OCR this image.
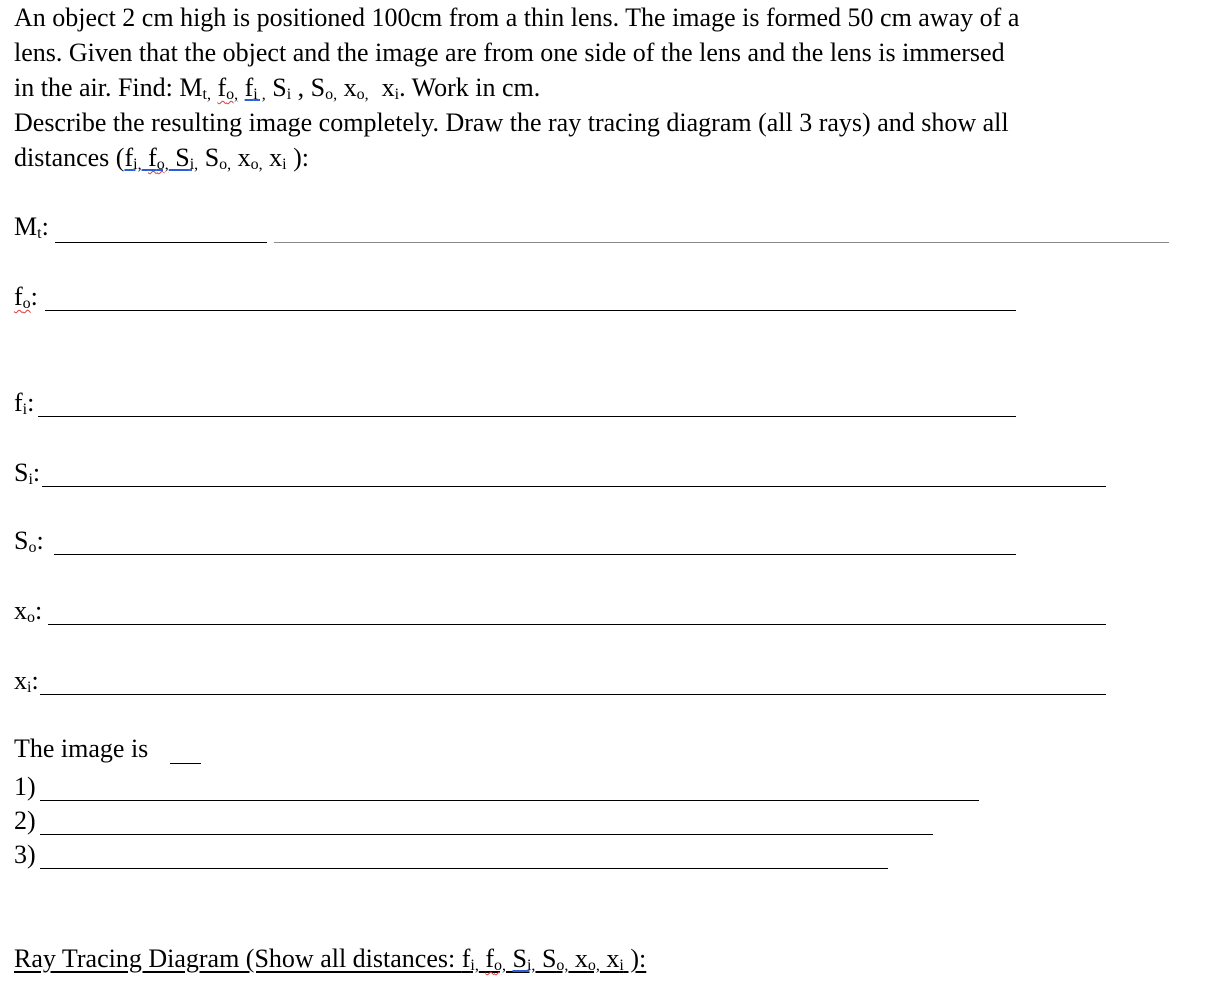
An object 2 cm high is positioned 100cm from a thin lens. The image is formed 50 cm away of a
lens. Given that the object and the image are from one side of the lens and the lens is immersed
in the air. Find: $M_{t,}$ $f_{o,}$ $f_{i ,}$ $S_i$ , $S_{o,}$ $x_{o,}$  $x_i$. Work in cm.
Describe the resulting image completely. Draw the ray tracing diagram (all 3 rays) and show all
distances ($f_{i,}$ $f_{o,}$ $S_{i,}$ $S_{o,}$ $x_{o,}$ $x_i$ ):
$M_t$:
$f_o$:
$f_i$:
$S_i$:
$S_o$:
$x_o$:
$x_i$:
The image is
1)
2)
3)
Ray Tracing Diagram (Show all distances: $f_{i,}$ $f_{o,}$ $S_{i,}$ $S_{o,}$ $x_{o,}$ $x_i$ ):
